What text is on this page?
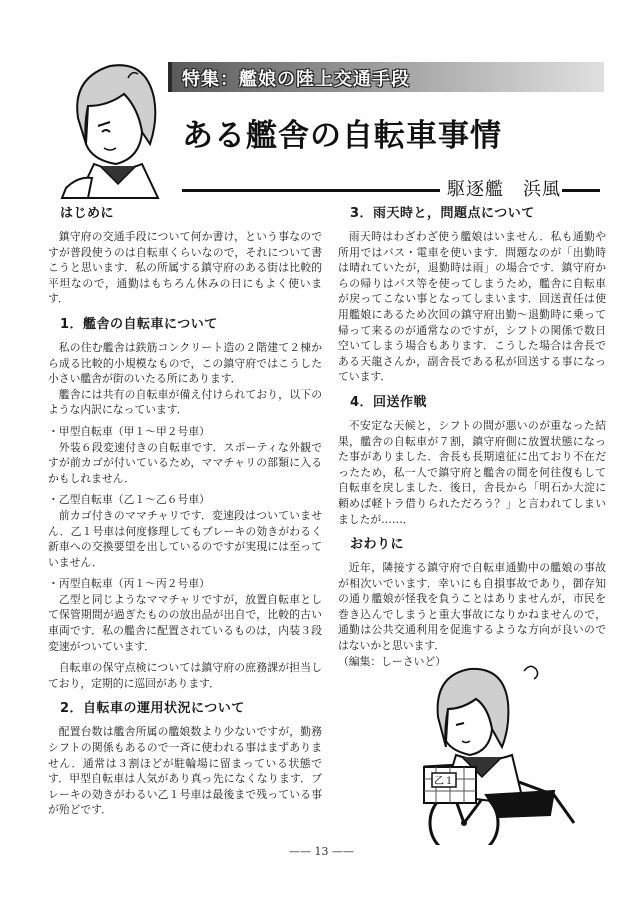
特集：艦娘の陸上交通手段
ある艦舎の自転車事情
駆逐艦　浜風
はじめに

鎮守府の交通手段について何か書け，という事なのですが普段使うのは自転車くらいなので，それについて書こうと思います．私の所属する鎮守府のある街は比較的平坦なので，通勤はもちろん休みの日にもよく使います．

1．艦舎の自転車について

私の住む艦舎は鉄筋コンクリート造の２階建て２棟から成る比較的小規模なもので，この鎮守府ではこうした小さい艦舎が街のいたる所にあります．

艦舎には共有の自転車が備え付けられており，以下のような内訳になっています．

・甲型自転車（甲１〜甲２号車）

外装６段変速付きの自転車です．スポーティな外観ですが前カゴが付いているため，ママチャリの部類に入るかもしれません．

・乙型自転車（乙１〜乙６号車）

前カゴ付きのママチャリです．変速段はついていません．乙１号車は何度修理してもブレーキの効きがわるく新車への交換要望を出しているのですが実現には至っていません．

・丙型自転車（丙１〜丙２号車）

乙型と同じようなママチャリですが，放置自転車として保管期間が過ぎたものの放出品が出自で，比較的古い車両です．私の艦舎に配置されているものは，内装３段変速がついています．

自転車の保守点検については鎮守府の庶務課が担当しており，定期的に巡回があります．

2．自転車の運用状況について

配置台数は艦舎所属の艦娘数より少ないですが，勤務シフトの関係もあるので一斉に使われる事はまずありません．通常は３割ほどが駐輪場に留まっている状態です．甲型自転車は人気があり真っ先になくなります．ブレーキの効きがわるい乙１号車は最後まで残っている事が殆どです．

3．雨天時と，問題点について

雨天時はわざわざ使う艦娘はいません．私も通勤や所用ではバス・電車を使います．問題なのが「出勤時は晴れていたが，退勤時は雨」の場合です．鎮守府からの帰りはバス等を使ってしまうため，艦舎に自転車が戻ってこない事となってしまいます．回送責任は使用艦娘にあるため次回の鎮守府出勤〜退勤時に乗って帰って来るのが通常なのですが，シフトの関係で数日空いてしまう場合もあります．こうした場合は舎長である天龍さんか，副舎長である私が回送する事になっています．

4．回送作戦

不安定な天候と，シフトの間が悪いのが重なった結果，艦舎の自転車が７割，鎮守府側に放置状態になった事がありました．舎長も長期遠征に出ており不在だったため，私一人で鎮守府と艦舎の間を何往復もして自転車を戻しました．後日，舎長から「明石か大淀に頼めば軽トラ借りられただろう？」と言われてしまいましたが……．

おわりに

近年，隣接する鎮守府で自転車通勤中の艦娘の事故が相次いでいます．幸いにも自損事故であり，御存知の通り艦娘が怪我を負うことはありませんが，市民を巻き込んでしまうと重大事故になりかねませんので，通勤は公共交通利用を促進するような方向が良いのではないかと思います．

（編集：しーさいど）

乙１
—— 13 ——
